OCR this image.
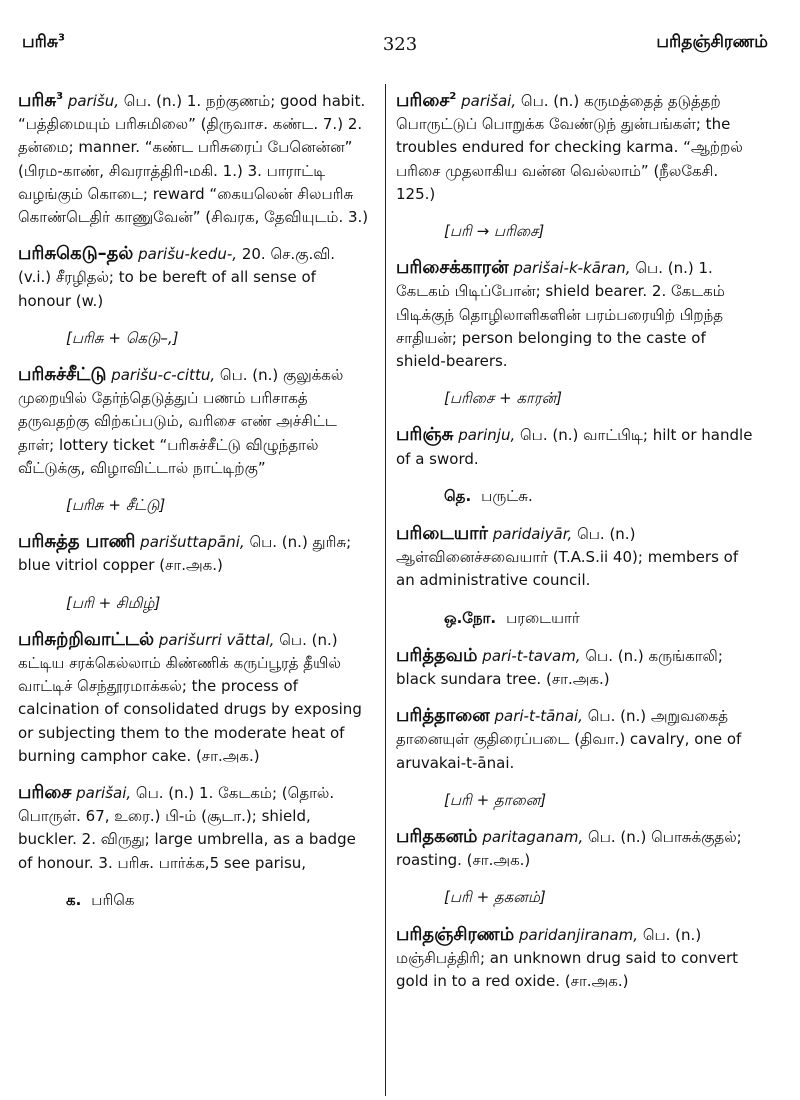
பரிசு$^3$	323	பரிதஞ்சிரணம்
பரிசு$^3$ parišu, பெ. (n.) 1. நற்குணம்; good habit. “பத்திமையும் பரிசுமிலை” (திருவாச. கண்ட. 7.) 2. தன்மை; manner. “கண்ட பரிசுரைப் பேனென்ன” (பிரம-காண், சிவராத்திரி-மகி. 1.) 3. பாராட்டி வழங்கும் கொடை; reward “கையலென் சிலபரிசு கொண்டெதிர் காணுவேன்” (சிவரக, தேவியுடம். 3.)
பரிசுகெடு–தல் parišu-kedu-, 20. செ.கு.வி. (v.i.) சீரழிதல்; to be bereft of all sense of honour (w.)
[பரிசு + கெடு–,]
பரிசுச்சீட்டு parišu-c-cittu, பெ. (n.) குலுக்கல் முறையில் தேர்ந்தெடுத்துப் பணம் பரிசாகத் தருவதற்கு விற்கப்படும், வரிசை எண் அச்சிட்ட தாள்; lottery ticket “பரிசுச்சீட்டு விழுந்தால் வீட்டுக்கு, விழாவிட்டால் நாட்டிற்கு”
[பரிசு + சீட்டு]
பரிசுத்த பாணி parišuttapāni, பெ. (n.) துரிசு; blue vitriol copper (சா.அக.)
[பரி + சிமிழ்]
பரிசுற்றிவாட்டல் parišurri vāttal, பெ. (n.) கட்டிய சரக்கெல்லாம் கிண்ணிக் கருப்பூரத் தீயில் வாட்டிச் செந்தூரமாக்கல்; the process of calcination of consolidated drugs by exposing or subjecting them to the moderate heat of burning camphor cake. (சா.அக.)
பரிசை parišai, பெ. (n.) 1. கேடகம்; (தொல். பொருள். 67, உரை.) பி-ம் (சூடா.); shield, buckler. 2. விருது; large umbrella, as a badge of honour. 3. பரிசு. பார்க்க,5 see parisu,
க. பரிகெ
பரிசை$^2$ parišai, பெ. (n.) கருமத்தைத் தடுத்தற் பொருட்டுப் பொறுக்க வேண்டுந் துன்பங்கள்; the troubles endured for checking karma. “ஆற்றல் பரிசை முதலாகிய வன்ன வெல்லாம்” (நீலகேசி. 125.)
[பரி → பரிசை]
பரிசைக்காரன் parišai-k-kāran, பெ. (n.) 1. கேடகம் பிடிப்போன்; shield bearer. 2. கேடகம் பிடிக்குந் தொழிலாளிகளின் பரம்பரையிற் பிறந்த சாதியன்; person belonging to the caste of shield-bearers.
[பரிசை + காரன்]
பரிஞ்சு parinju, பெ. (n.) வாட்பிடி; hilt or handle of a sword.
தெ. பருட்சு.
பரிடையார் paridaiyār, பெ. (n.) ஆள்வினைச்சவையார் (T.A.S.ii 40); members of an administrative council.
ஒ.நோ. பரடையார்
பரித்தவம் pari-t-tavam, பெ. (n.) கருங்காலி; black sundara tree. (சா.அக.)
பரித்தானை pari-t-tānai, பெ. (n.) அறுவகைத் தானையுள் குதிரைப்படை (திவா.) cavalry, one of aruvakai-t-ānai.
[பரி + தானை]
பரிதகனம் paritaganam, பெ. (n.) பொசுக்குதல்; roasting. (சா.அக.)
[பரி + தகனம்]
பரிதஞ்சிரணம் paridanjiranam, பெ. (n.) மஞ்சிபத்திரி; an unknown drug said to convert gold in to a red oxide. (சா.அக.)
